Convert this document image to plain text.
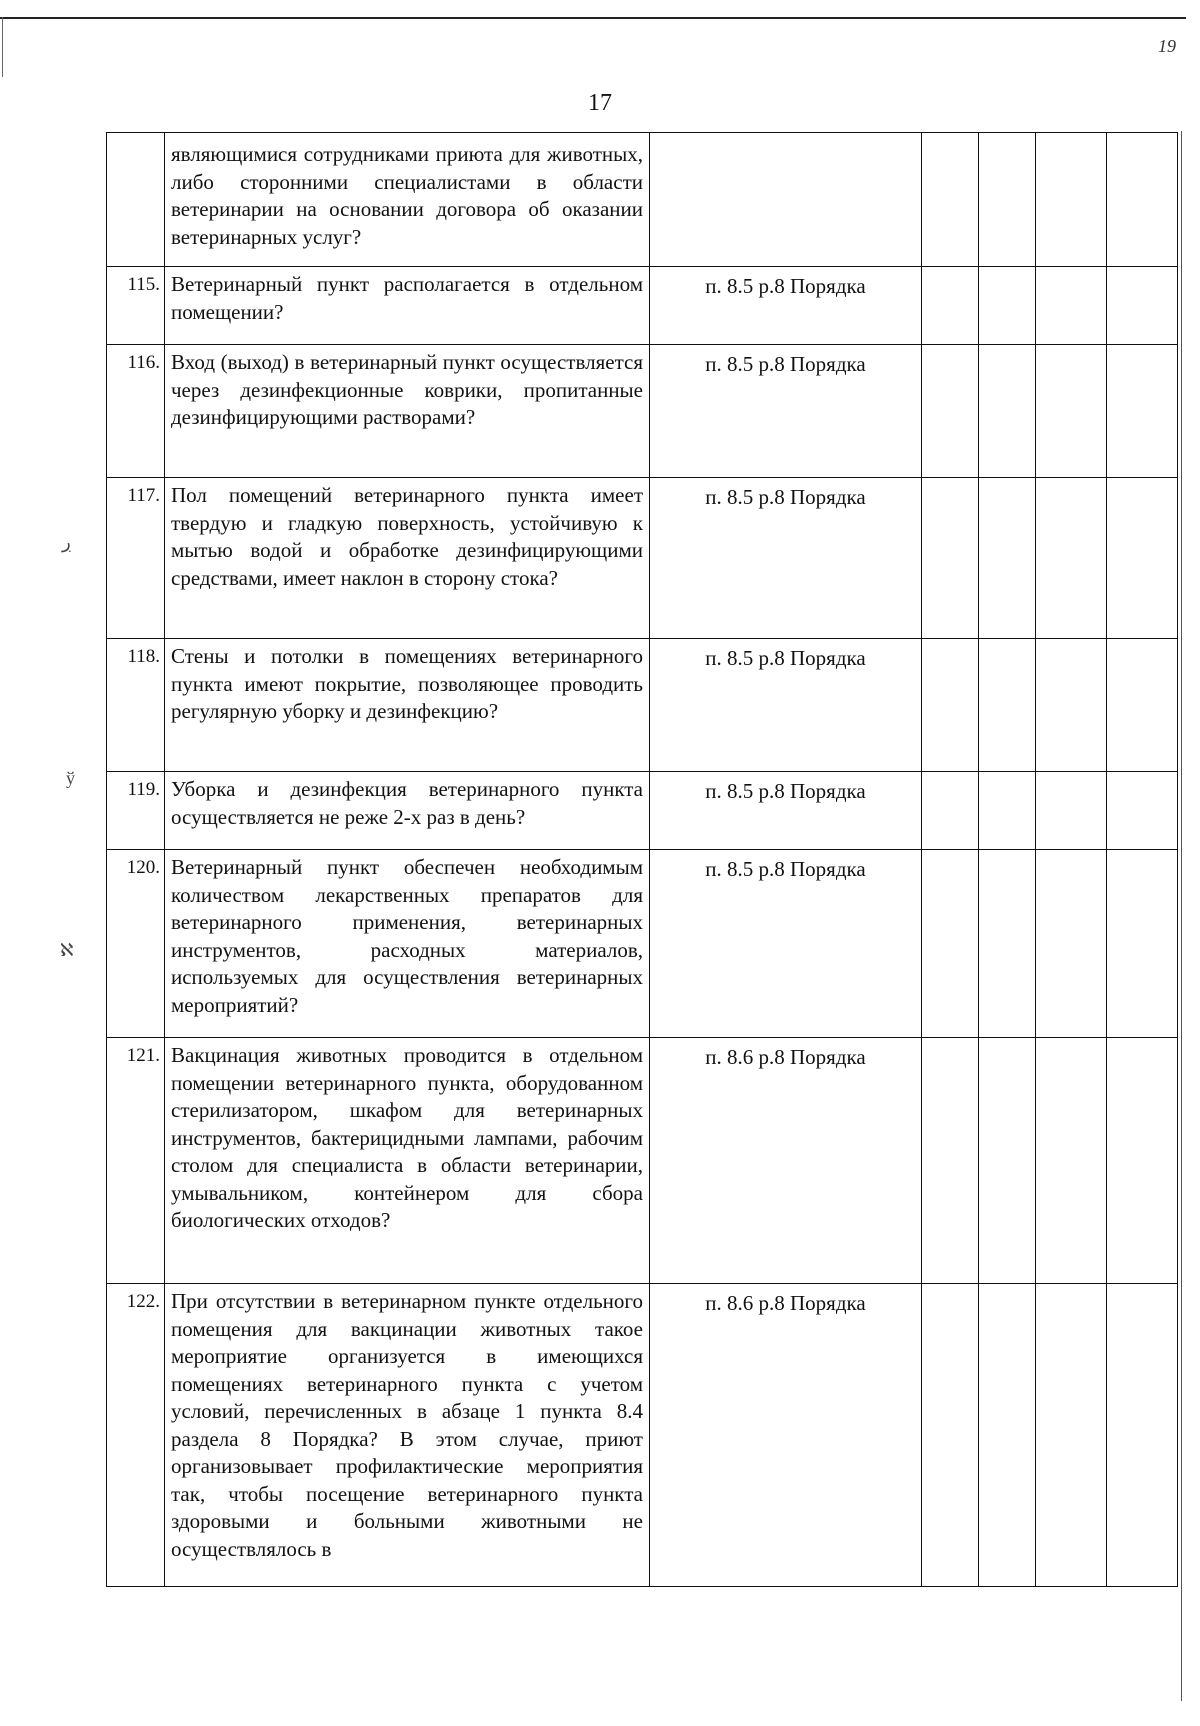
19
17
ڔ
ў
ℵ
	являющимися сотрудниками приюта для животных, либо сторонними специалистами в области ветеринарии на основании договора об оказании ветеринарных услуг?					
115.	Ветеринарный пункт располагается в отдельном помещении?	п. 8.5 р.8 Порядка				
116.	Вход (выход) в ветеринарный пункт осуществляется через дезинфекционные коврики, пропитанные дезинфицирующими растворами?	п. 8.5 р.8 Порядка				
117.	Пол помещений ветеринарного пункта имеет твердую и гладкую поверхность, устойчивую к мытью водой и обработке дезинфицирующими средствами, имеет наклон в сторону стока?	п. 8.5 р.8 Порядка				
118.	Стены и потолки в помещениях ветеринарного пункта имеют покрытие, позволяющее проводить регулярную уборку и дезинфекцию?	п. 8.5 р.8 Порядка				
119.	Уборка и дезинфекция ветеринарного пункта осуществляется не реже 2-х раз в день?	п. 8.5 р.8 Порядка				
120.	Ветеринарный пункт обеспечен необходимым количеством лекарственных препаратов для ветеринарного применения, ветеринарных инструментов, расходных материалов, используемых для осуществления ветеринарных мероприятий?	п. 8.5 р.8 Порядка				
121.	Вакцинация животных проводится в отдельном помещении ветеринарного пункта, оборудованном стерилизатором, шкафом для ветеринарных инструментов, бактерицидными лампами, рабочим столом для специалиста в области ветеринарии, умывальником, контейнером для сбора биологических отходов?	п. 8.6 р.8 Порядка				
122.	При отсутствии в ветеринарном пункте отдельного помещения для вакцинации животных такое мероприятие организуется в имеющихся помещениях ветеринарного пункта с учетом условий, перечисленных в абзаце 1 пункта 8.4 раздела 8 Порядка? В этом случае, приют организовывает профилактические мероприятия так, чтобы посещение ветеринарного пункта здоровыми и больными животными не осуществлялось в	п. 8.6 р.8 Порядка				
